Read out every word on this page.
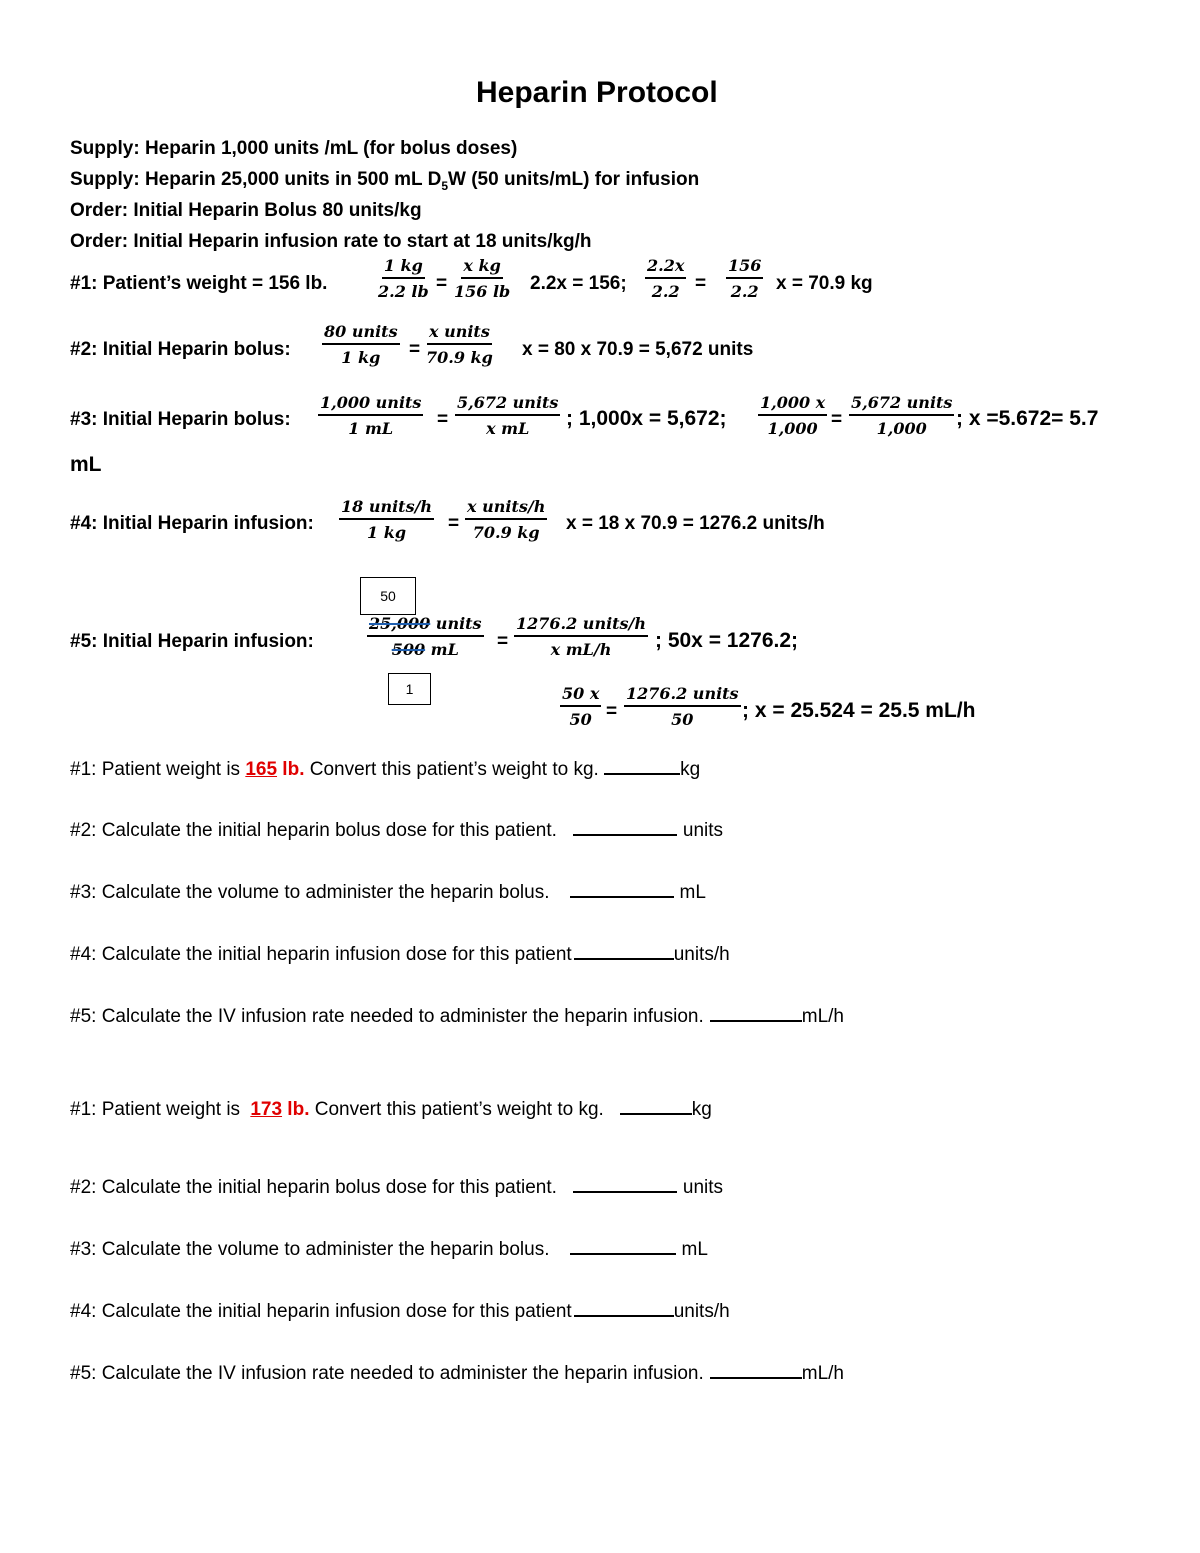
Heparin Protocol
Supply: Heparin 1,000 units /mL (for bolus doses)
Supply: Heparin 25,000 units in 500 mL $D_5W$ (50 units/mL) for infusion
Order: Initial Heparin Bolus 80 units/kg
Order: Initial Heparin infusion rate to start at 18 units/kg/h
#1: Patient’s weight = 156 lb.	$\frac{1 kg}{2.2 lb} = \frac{\text{x kg}}{156 lb} 2.2x = 156$; $\frac{2.2x}{2.2} = \frac{156}{2.2}$ x = 70.9 kg
#2: Initial Heparin bolus:
80 units
1 kg =
x units
70.9 kg x = 80 x 70.9 = 5,672 units
#3: Initial Heparin bolus:
1,000 units
1 mL =
5,672 units
x mL ; 1,000x = 5,672; $\frac{1,000 x}{1,000}$ =
5,672 units
1,000 ; x =5.672= 5.7
mL
#4: Initial Heparin infusion:
18 units/h
1 kg =
x units/h
70.9 kg x = 18 x 70.9 = 1276.2 units/h
50
#5: Initial Heparin infusion:
25,000 units
500 mL =
1276.2 units/h
x mL/h ; 50x = 1276.2;
1	$\frac{50 x}{50}$ =
1276.2 units
50 ; x = 25.524 = 25.5 mL/h
#1: Patient weight is 165 lb. Convert this patient’s weight to kg.	kg
#2: Calculate the initial heparin bolus dose for this patient.	units
#3: Calculate the volume to administer the heparin bolus.	mL
#4: Calculate the initial heparin infusion dose for this patient	units/h
#5: Calculate the IV infusion rate needed to administer the heparin infusion.	mL/h
#1: Patient weight is 173 lb. Convert this patient’s weight to kg.	kg
#2: Calculate the initial heparin bolus dose for this patient.	units
#3: Calculate the volume to administer the heparin bolus.	mL
#4: Calculate the initial heparin infusion dose for this patient	units/h
#5: Calculate the IV infusion rate needed to administer the heparin infusion.	mL/h
